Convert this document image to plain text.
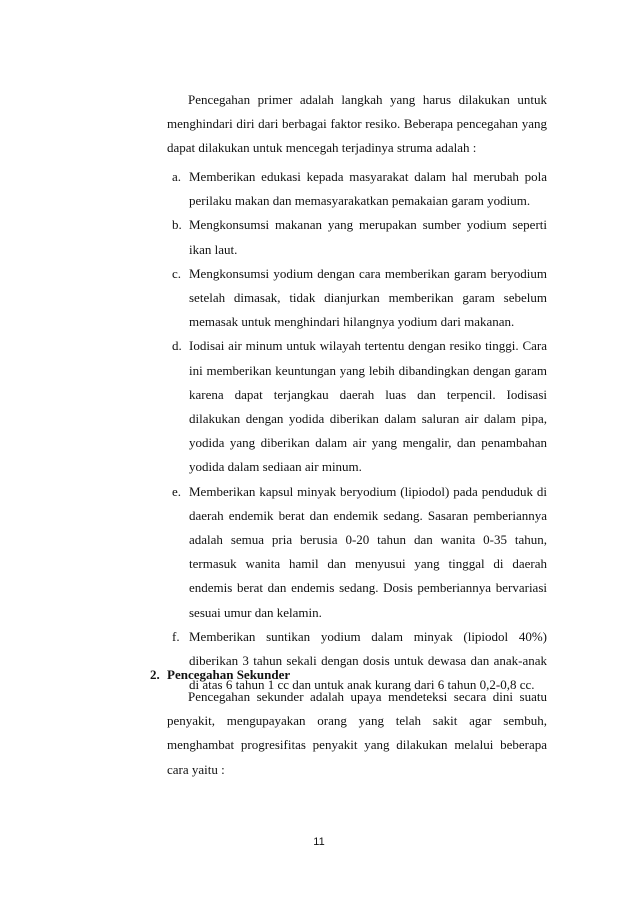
Pencegahan primer adalah langkah yang harus dilakukan untuk menghindari diri dari berbagai faktor resiko. Beberapa pencegahan yang dapat dilakukan untuk mencegah terjadinya struma adalah :

a. Memberikan edukasi kepada masyarakat dalam hal merubah pola perilaku makan dan memasyarakatkan pemakaian garam yodium.
b. Mengkonsumsi makanan yang merupakan sumber yodium seperti ikan laut.
c. Mengkonsumsi yodium dengan cara memberikan garam beryodium setelah dimasak, tidak dianjurkan memberikan garam sebelum memasak untuk menghindari hilangnya yodium dari makanan.
d. Iodisai air minum untuk wilayah tertentu dengan resiko tinggi. Cara ini memberikan keuntungan yang lebih dibandingkan dengan garam karena dapat terjangkau daerah luas dan terpencil. Iodisasi dilakukan dengan yodida diberikan dalam saluran air dalam pipa, yodida yang diberikan dalam air yang mengalir, dan penambahan yodida dalam sediaan air minum.
e. Memberikan kapsul minyak beryodium (lipiodol) pada penduduk di daerah endemik berat dan endemik sedang. Sasaran pemberiannya adalah semua pria berusia 0-20 tahun dan wanita 0-35 tahun, termasuk wanita hamil dan menyusui yang tinggal di daerah endemis berat dan endemis sedang. Dosis pemberiannya bervariasi sesuai umur dan kelamin.
f. Memberikan suntikan yodium dalam minyak (lipiodol 40%) diberikan 3 tahun sekali dengan dosis untuk dewasa dan anak-anak di atas 6 tahun 1 cc dan untuk anak kurang dari 6 tahun 0,2-0,8 cc.
2. Pencegahan Sekunder

Pencegahan sekunder adalah upaya mendeteksi secara dini suatu penyakit, mengupayakan orang yang telah sakit agar sembuh, menghambat progresifitas penyakit yang dilakukan melalui beberapa cara yaitu :

11
